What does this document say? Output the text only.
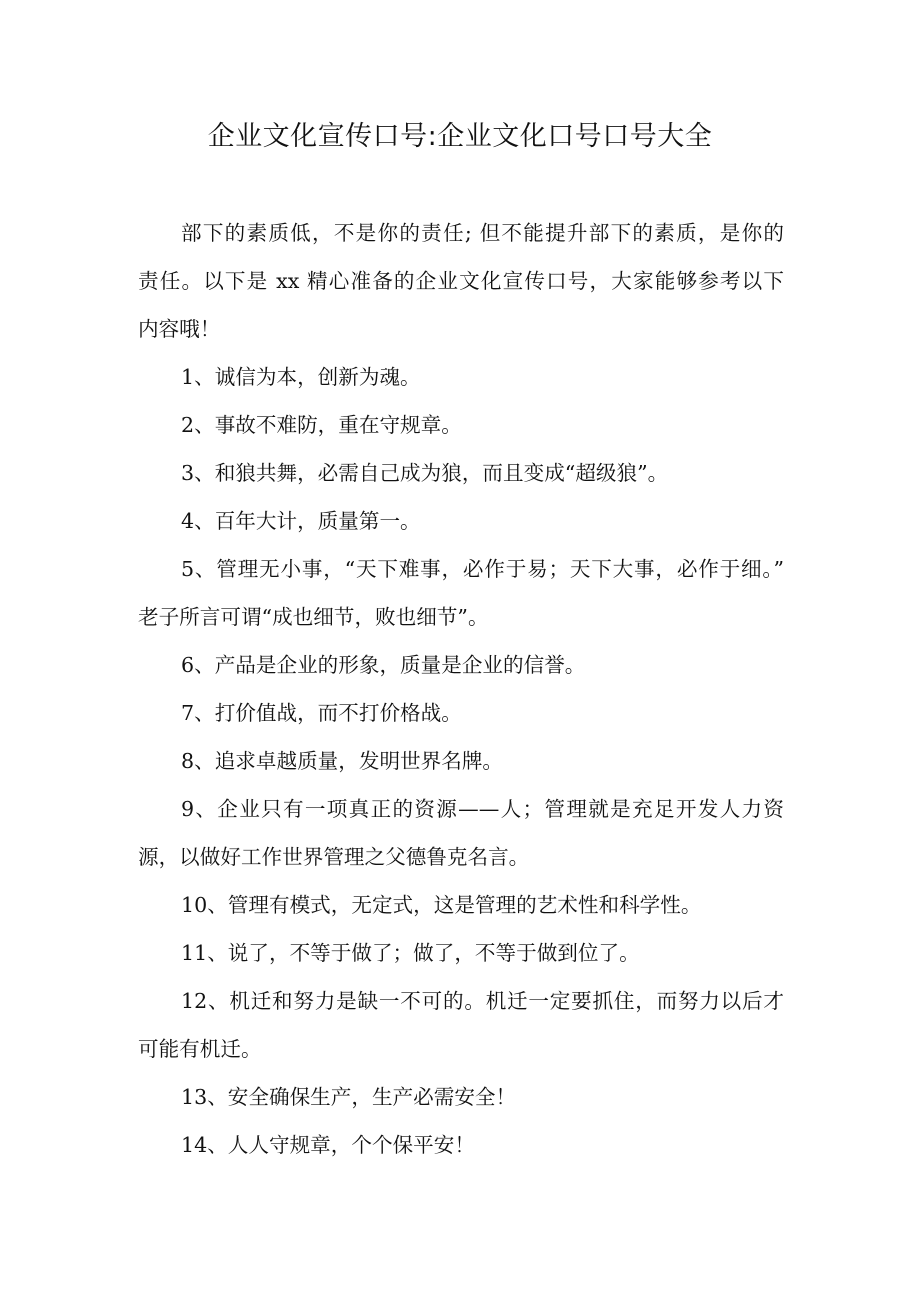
企业文化宣传口号:企业文化口号口号大全
部下的素质低，不是你的责任; 但不能提升部下的素质，是你的
责任。以下是 xx 精心准备的企业文化宣传口号，大家能够参考以下
内容哦！
1、诚信为本，创新为魂。
2、事故不难防，重在守规章。
3、和狼共舞，必需自己成为狼，而且变成“超级狼”。
4、百年大计，质量第一。
5、管理无小事，“天下难事，必作于易；天下大事，必作于细。”
老子所言可谓“成也细节，败也细节”。
6、产品是企业的形象，质量是企业的信誉。
7、打价值战，而不打价格战。
8、追求卓越质量，发明世界名牌。
9、企业只有一项真正的资源——人；管理就是充足开发人力资
源，以做好工作世界管理之父德鲁克名言。
10、管理有模式，无定式，这是管理的艺术性和科学性。
11、说了，不等于做了；做了，不等于做到位了。
12、机迁和努力是缺一不可的。机迁一定要抓住，而努力以后才
可能有机迁。
13、安全确保生产，生产必需安全！
14、人人守规章，个个保平安！
